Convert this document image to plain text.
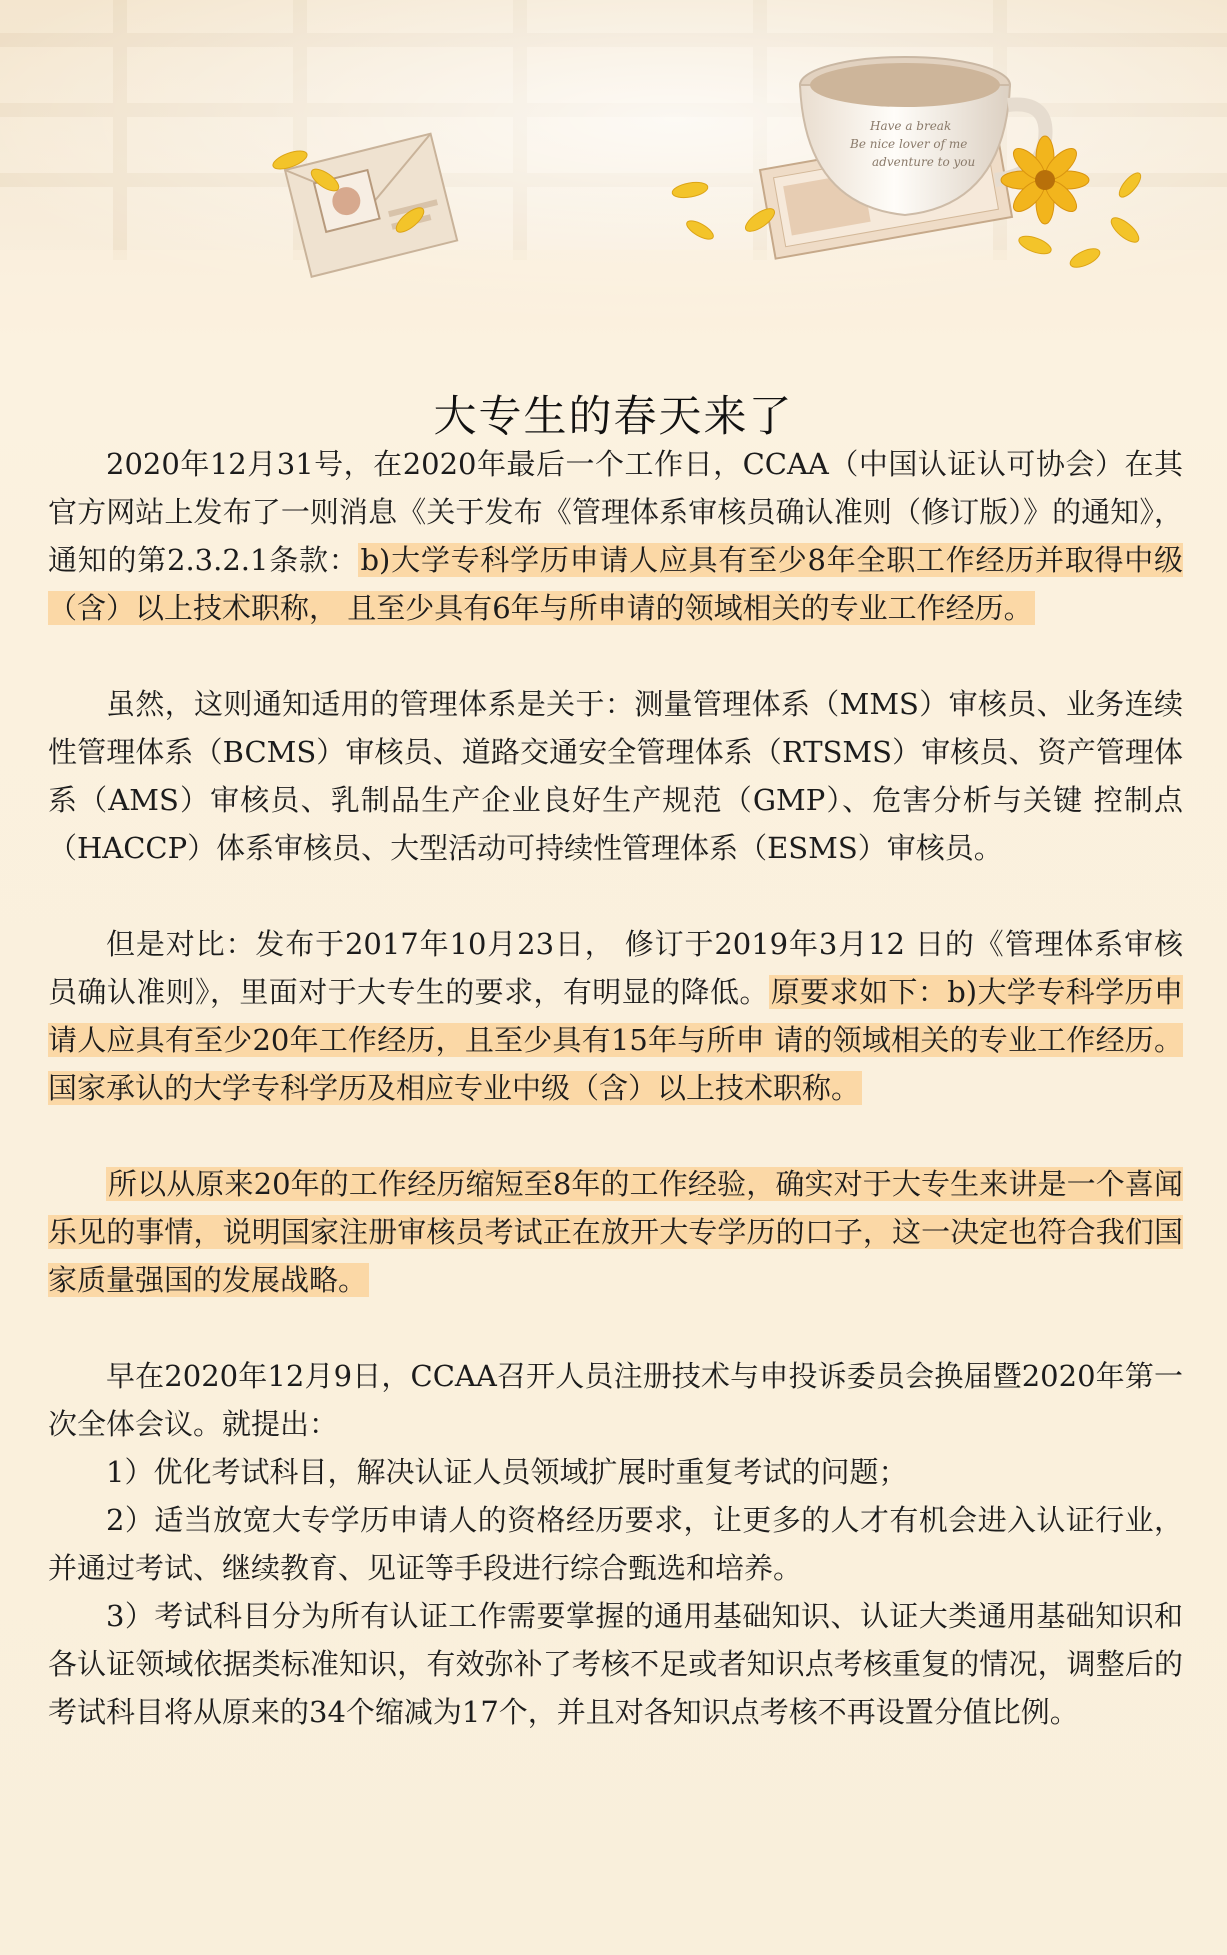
Have a break
Be nice lover of me
adventure to you
大专生的春天来了

2020年12月31号，在2020年最后一个工作日，CCAA（中国认证认可协会）在其官方网站上发布了一则消息《关于发布《管理体系审核员确认准则（修订版）》的通知》，通知的第2.3.2.1条款：b)大学专科学历申请人应具有至少8年全职工作经历并取得中级（含）以上技术职称， 且至少具有6年与所申请的领域相关的专业工作经历。

虽然，这则通知适用的管理体系是关于：测量管理体系（MMS）审核员、业务连续性管理体系（BCMS）审核员、道路交通安全管理体系（RTSMS）审核员、资产管理体系（AMS）审核员、乳制品生产企业良好生产规范（GMP）、危害分析与关键 控制点（HACCP）体系审核员、大型活动可持续性管理体系（ESMS）审核员。

但是对比：发布于2017年10月23日， 修订于2019年3月12 日的《管理体系审核员确认准则》，里面对于大专生的要求，有明显的降低。原要求如下：b)大学专科学历申请人应具有至少20年工作经历，且至少具有15年与所申 请的领域相关的专业工作经历。国家承认的大学专科学历及相应专业中级（含）以上技术职称。

所以从原来20年的工作经历缩短至8年的工作经验，确实对于大专生来讲是一个喜闻乐见的事情，说明国家注册审核员考试正在放开大专学历的口子，这一决定也符合我们国家质量强国的发展战略。

早在2020年12月9日，CCAA召开人员注册技术与申投诉委员会换届暨2020年第一次全体会议。就提出：

1）优化考试科目，解决认证人员领域扩展时重复考试的问题；

2）适当放宽大专学历申请人的资格经历要求，让更多的人才有机会进入认证行业，并通过考试、继续教育、见证等手段进行综合甄选和培养。

3）考试科目分为所有认证工作需要掌握的通用基础知识、认证大类通用基础知识和各认证领域依据类标准知识，有效弥补了考核不足或者知识点考核重复的情况，调整后的考试科目将从原来的34个缩减为17个，并且对各知识点考核不再设置分值比例。
